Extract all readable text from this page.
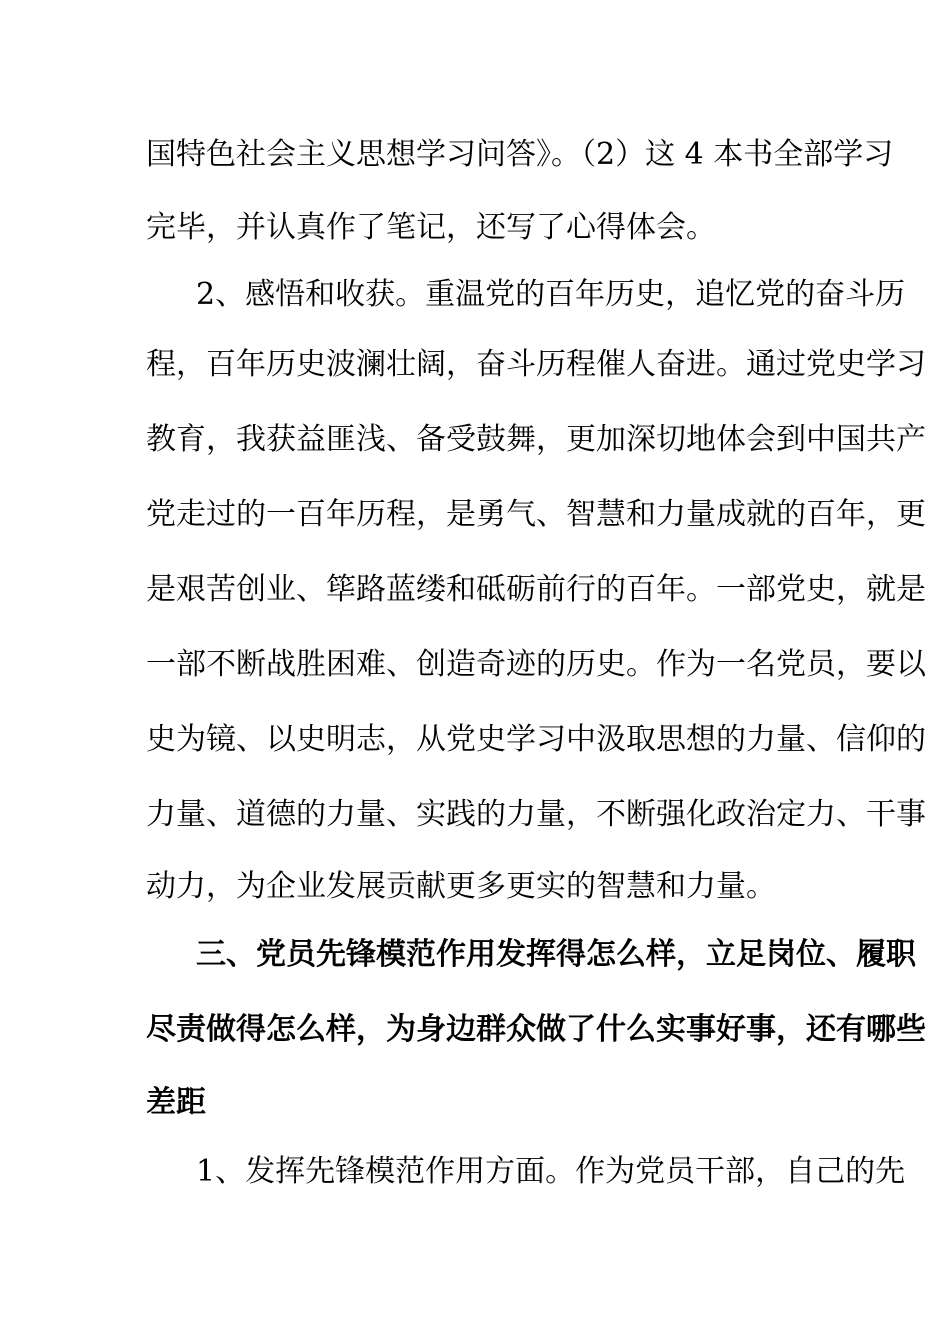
国特色社会主义思想学习问答》。（2）这 4 本书全部学习
完毕，并认真作了笔记，还写了心得体会。
2、感悟和收获。重温党的百年历史，追忆党的奋斗历
程，百年历史波澜壮阔，奋斗历程催人奋进。通过党史学习
教育，我获益匪浅、备受鼓舞，更加深切地体会到中国共产
党走过的一百年历程，是勇气、智慧和力量成就的百年，更
是艰苦创业、筚路蓝缕和砥砺前行的百年。一部党史，就是
一部不断战胜困难、创造奇迹的历史。作为一名党员，要以
史为镜、以史明志，从党史学习中汲取思想的力量、信仰的
力量、道德的力量、实践的力量，不断强化政治定力、干事
动力，为企业发展贡献更多更实的智慧和力量。
三、党员先锋模范作用发挥得怎么样，立足岗位、履职
尽责做得怎么样，为身边群众做了什么实事好事，还有哪些
差距
1、发挥先锋模范作用方面。作为党员干部，自己的先
